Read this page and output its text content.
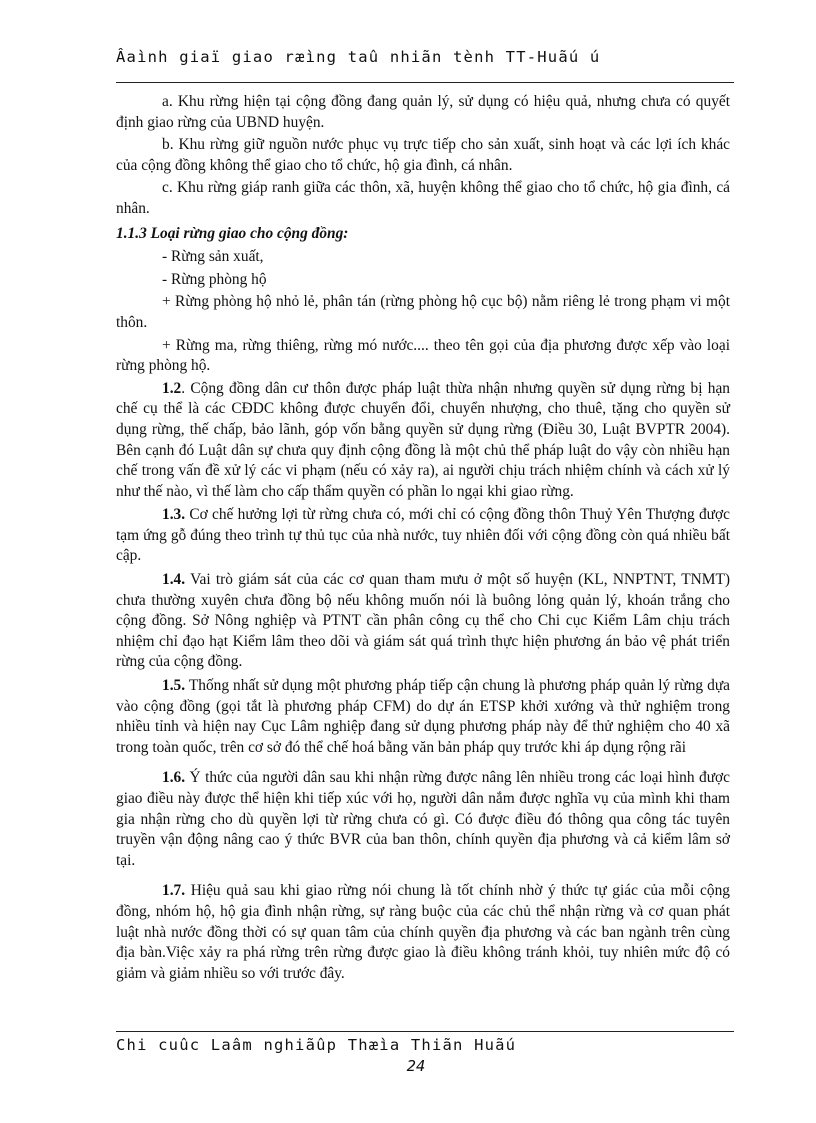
Âaình giaï giao ræìng taû nhiãn tènh TT-Huãú ú

a. Khu rừng hiện tại cộng đồng đang quản lý, sử dụng có hiệu quả, nhưng chưa có quyết định giao rừng của UBND huyện.

b. Khu rừng giữ nguồn nước phục vụ trực tiếp cho sản xuất, sinh hoạt và các lợi ích khác của cộng đồng không thể giao cho tổ chức, hộ gia đình, cá nhân.

c. Khu rừng giáp ranh giữa các thôn, xã, huyện không thể giao cho tổ chức, hộ gia đình, cá nhân.

1.1.3 Loại rừng giao cho cộng đồng:

- Rừng sản xuất,

- Rừng phòng hộ

+ Rừng phòng hộ nhỏ lẻ, phân tán (rừng phòng hộ cục bộ) nằm riêng lẻ trong phạm vi một thôn.

+ Rừng ma, rừng thiêng, rừng mó nước.... theo tên gọi của địa phương được xếp vào loại rừng phòng hộ.

1.2. Cộng đồng dân cư thôn được pháp luật thừa nhận nhưng quyền sử dụng rừng bị hạn chế cụ thể là các CĐDC không được chuyển đổi, chuyển nhượng, cho thuê, tặng cho quyền sử dụng rừng, thế chấp, bảo lãnh, góp vốn bằng quyền sử dụng rừng (Điều 30, Luật BVPTR 2004). Bên cạnh đó Luật dân sự chưa quy định cộng đồng là một chủ thể pháp luật do vậy còn nhiều hạn chế trong vấn đề xử lý các vi phạm (nếu có xảy ra), ai người chịu trách nhiệm chính và cách xử lý như thế nào, vì thế làm cho cấp thẩm quyền có phần lo ngại khi giao rừng.

1.3. Cơ chế hưởng lợi từ rừng chưa có, mới chỉ có cộng đồng thôn Thuỷ Yên Thượng được tạm ứng gỗ đúng theo trình tự thủ tục của nhà nước, tuy nhiên đối với cộng đồng còn quá nhiều bất cập.

1.4. Vai trò giám sát của các cơ quan tham mưu ở một số huyện (KL, NNPTNT, TNMT) chưa thường xuyên chưa đồng bộ nếu không muốn nói là buông lỏng quản lý, khoán trắng cho cộng đồng. Sở Nông nghiệp và PTNT cần phân công cụ thể cho Chi cục Kiểm Lâm chịu trách nhiệm chỉ đạo hạt Kiểm lâm theo dõi và giám sát quá trình thực hiện phương án bảo vệ phát triển rừng của cộng đồng.

1.5. Thống nhất sử dụng một phương pháp tiếp cận chung là phương pháp quản lý rừng dựa vào cộng đồng (gọi tắt là phương pháp CFM) do dự án ETSP khởi xướng và thử nghiệm trong nhiều tỉnh và hiện nay Cục Lâm nghiệp đang sử dụng phương pháp này để thử nghiệm cho 40 xã trong toàn quốc, trên cơ sở đó thể chế hoá bằng văn bản pháp quy trước khi áp dụng rộng rãi

1.6. Ý thức của người dân sau khi nhận rừng được nâng lên nhiều trong các loại hình được giao điều này được thể hiện khi tiếp xúc với họ, người dân nắm được nghĩa vụ của mình khi tham gia nhận rừng cho dù quyền lợi từ rừng chưa có gì. Có được điều đó thông qua công tác tuyên truyền vận động nâng cao ý thức BVR của ban thôn, chính quyền địa phương và cả kiểm lâm sở tại.

1.7. Hiệu quả sau khi giao rừng nói chung là tốt chính nhờ ý thức tự giác của mỗi cộng đồng, nhóm hộ, hộ gia đình nhận rừng, sự ràng buộc của các chủ thể nhận rừng và cơ quan phát luật nhà nước đồng thời có sự quan tâm của chính quyền địa phương và các ban ngành trên cùng địa bàn.Việc xảy ra phá rừng trên rừng được giao là điều không tránh khỏi, tuy nhiên mức độ có giảm và giảm nhiều so với trước đây.

Chi cuûc Laâm nghiãûp Thæìa Thiãn Huãú
24
